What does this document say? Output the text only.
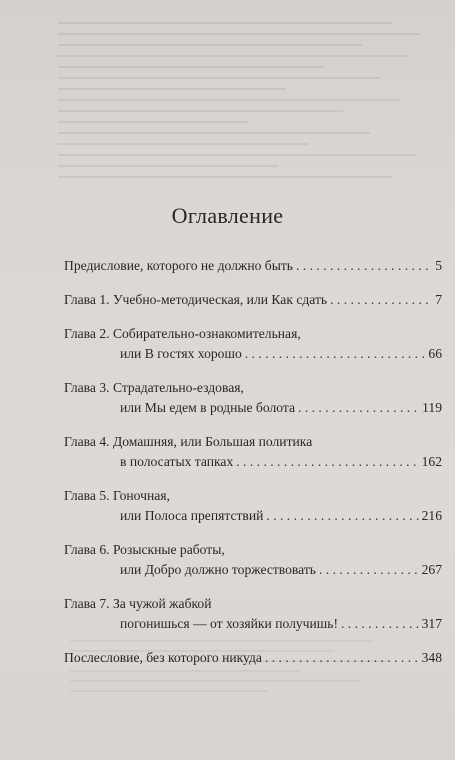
Оглавление
Предисловие, которого не должно быть . . .	5
Глава 1.
Учебно-методическая, или Как сдать . . .	7
Глава 2.
Собирательно-ознакомительная,
или В гостях хорошо . . .	66
Глава 3.
Страдательно-ездовая,
или Мы едем в родные болота . . .	119
Глава 4.
Домашняя, или Большая политика
в полосатых тапках . . .	162
Глава 5.
Гоночная,
или Полоса препятствий . . .	216
Глава 6.
Розыскные работы,
или Добро должно торжествовать . . .	267
Глава 7.
За чужой жабкой
погонишься — от хозяйки получишь! . . .	317
Послесловие, без которого никуда . . .	348
